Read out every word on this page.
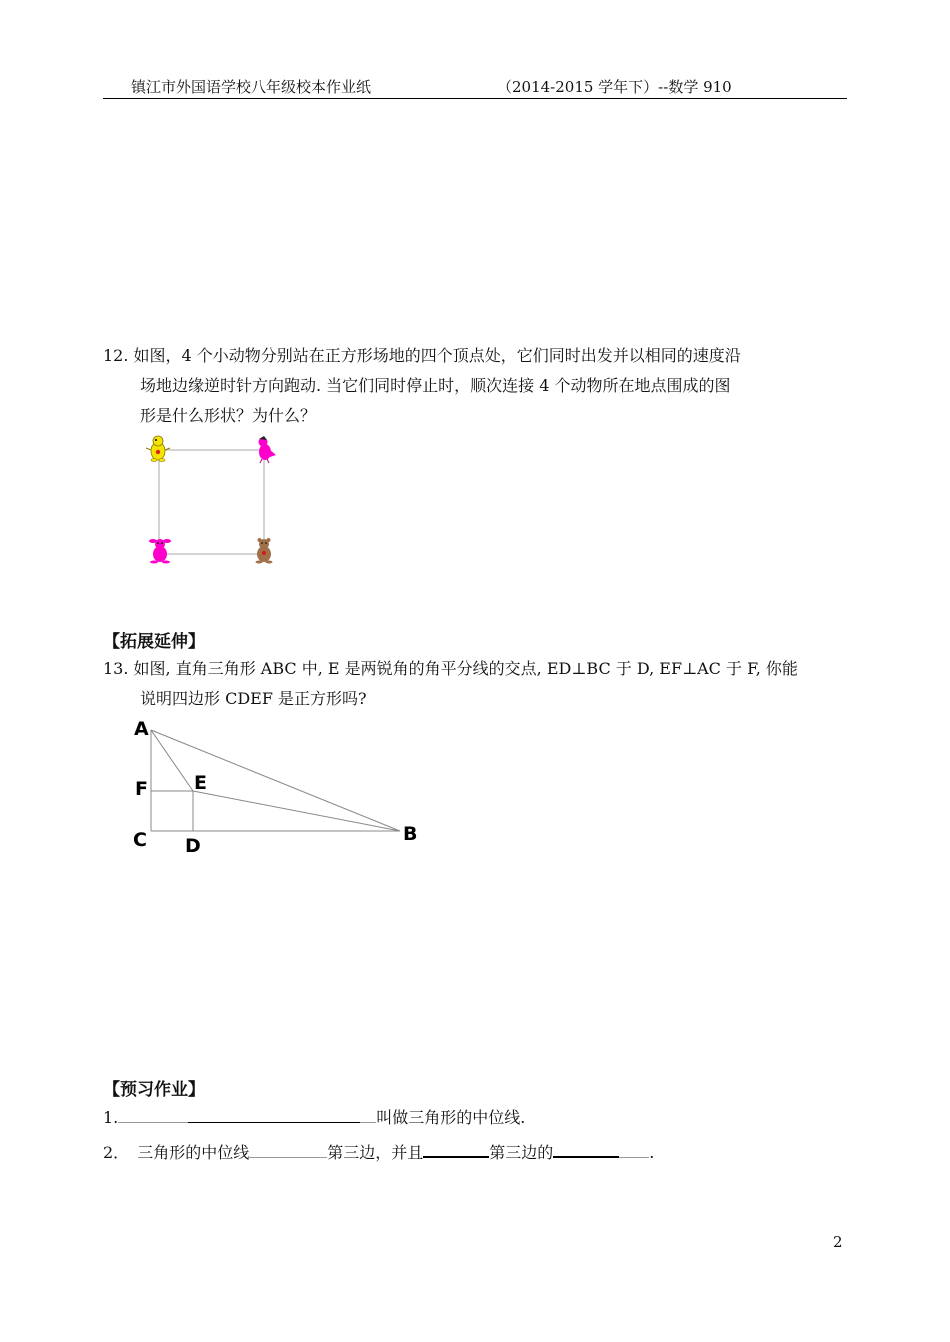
镇江市外国语学校八年级校本作业纸	（2014-2015 学年下）--数学 910
12. 如图，4 个小动物分别站在正方形场地的四个顶点处，它们同时出发并以相同的速度沿
场地边缘逆时针方向跑动. 当它们同时停止时，顺次连接 4 个动物所在地点围成的图
形是什么形状？为什么？
【拓展延伸】
13. 如图, 直角三角形 ABC 中, E 是两锐角的角平分线的交点, ED⊥BC 于 D, EF⊥AC 于 F, 你能
说明四边形 CDEF 是正方形吗?
A
F E
C D
B
【预习作业】
1.	叫做三角形的中位线.
2． 三角形的中位线	第三边，并且	第三边的	.
2
